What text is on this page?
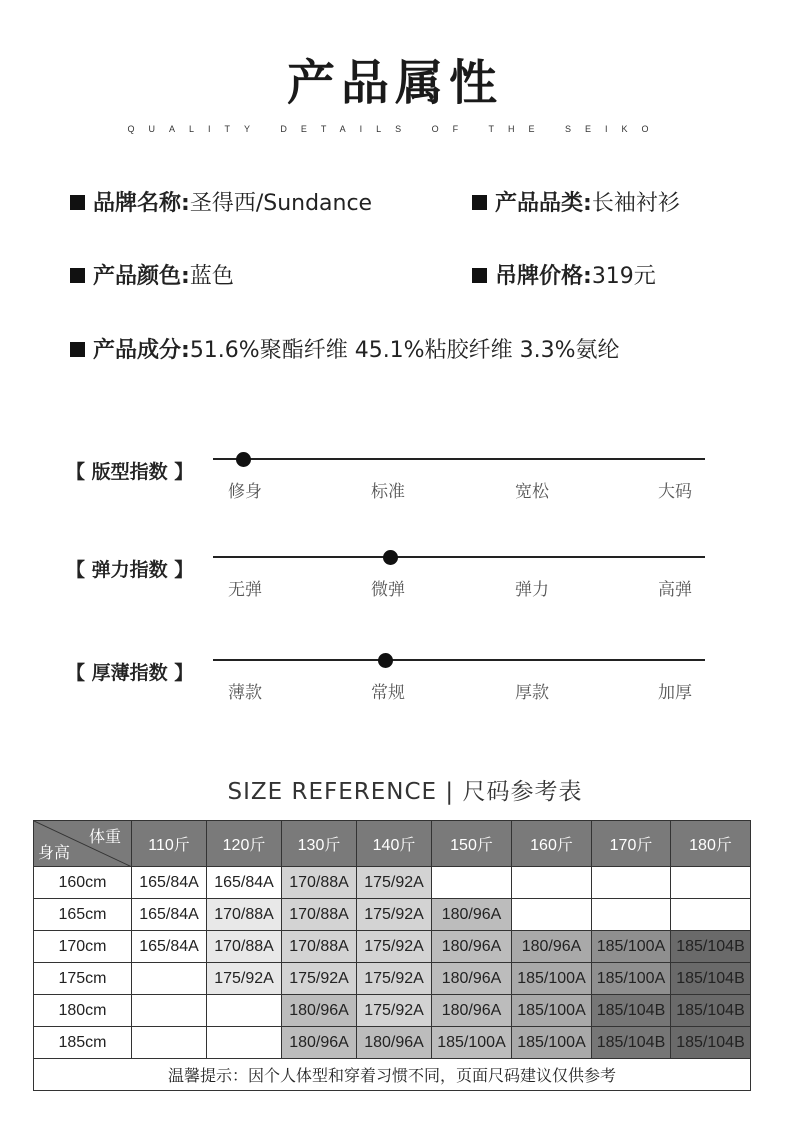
产品属性
QUALITY DETAILS OF THE SEIKO
品牌名称:圣得西/Sundance	产品品类:长袖衬衫
产品颜色:蓝色	吊牌价格:319元
产品成分:51.6%聚酯纤维 45.1%粘胶纤维 3.3%氨纶
【 版型指数 】
修身	标准	宽松	大码
【 弹力指数 】
无弹	微弹	弹力	高弹
【 厚薄指数 】
薄款	常规	厚款	加厚
SIZE REFERENCE | 尺码参考表
体重
身高	110斤	120斤	130斤	140斤	150斤	160斤	170斤	180斤
160cm	165/84A	165/84A	170/88A	175/92A				
165cm	165/84A	170/88A	170/88A	175/92A	180/96A			
170cm	165/84A	170/88A	170/88A	175/92A	180/96A	180/96A	185/100A	185/104B
175cm		175/92A	175/92A	175/92A	180/96A	185/100A	185/100A	185/104B
180cm			180/96A	175/92A	180/96A	185/100A	185/104B	185/104B
185cm			180/96A	180/96A	185/100A	185/100A	185/104B	185/104B
温馨提示：因个人体型和穿着习惯不同，页面尺码建议仅供参考								
